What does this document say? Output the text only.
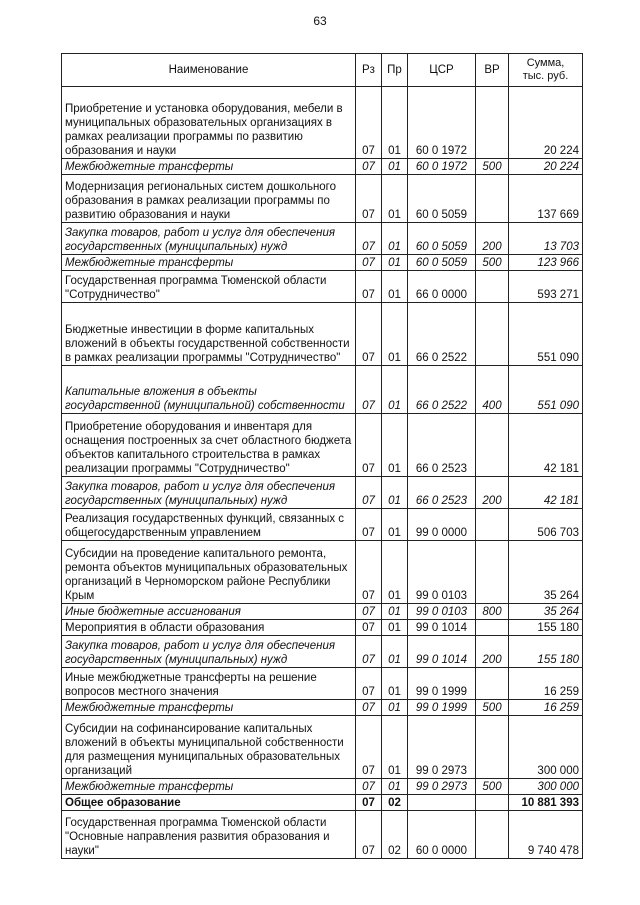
63
Наименование	Рз	Пр	ЦСР	ВР	Сумма,
тыс. руб.
Приобретение и установка оборудования, мебели в муниципальных образовательных организациях в рамках реализации программы по развитию образования и науки	07	01	60 0 1972		20 224
Межбюджетные трансферты	07	01	60 0 1972	500	20 224
Модернизация региональных систем дошкольного образования в рамках реализации программы по развитию образования и науки	07	01	60 0 5059		137 669
Закупка товаров, работ и услуг для обеспечения государственных (муниципальных) нужд	07	01	60 0 5059	200	13 703
Межбюджетные трансферты	07	01	60 0 5059	500	123 966
Государственная программа Тюменской области "Сотрудничество"	07	01	66 0 0000		593 271
Бюджетные инвестиции в форме капитальных вложений в объекты государственной собственности в рамках реализации программы "Сотрудничество"	07	01	66 0 2522		551 090
Капитальные вложения в объекты государственной (муниципальной) собственности	07	01	66 0 2522	400	551 090
Приобретение оборудования и инвентаря для оснащения построенных за счет областного бюджета объектов капитального строительства в рамках реализации программы "Сотрудничество"	07	01	66 0 2523		42 181
Закупка товаров, работ и услуг для обеспечения государственных (муниципальных) нужд	07	01	66 0 2523	200	42 181
Реализация государственных функций, связанных с общегосударственным управлением	07	01	99 0 0000		506 703
Субсидии на проведение капитального ремонта, ремонта объектов муниципальных образовательных организаций в Черноморском районе Республики Крым	07	01	99 0 0103		35 264
Иные бюджетные ассигнования	07	01	99 0 0103	800	35 264
Мероприятия в области образования	07	01	99 0 1014		155 180
Закупка товаров, работ и услуг для обеспечения государственных (муниципальных) нужд	07	01	99 0 1014	200	155 180
Иные межбюджетные трансферты на решение вопросов местного значения	07	01	99 0 1999		16 259
Межбюджетные трансферты	07	01	99 0 1999	500	16 259
Субсидии на софинансирование капитальных вложений в объекты муниципальной собственности для размещения муниципальных образовательных организаций	07	01	99 0 2973		300 000
Межбюджетные трансферты	07	01	99 0 2973	500	300 000
Общее образование	07	02			10 881 393
Государственная программа Тюменской области "Основные направления развития образования и науки"	07	02	60 0 0000		9 740 478
